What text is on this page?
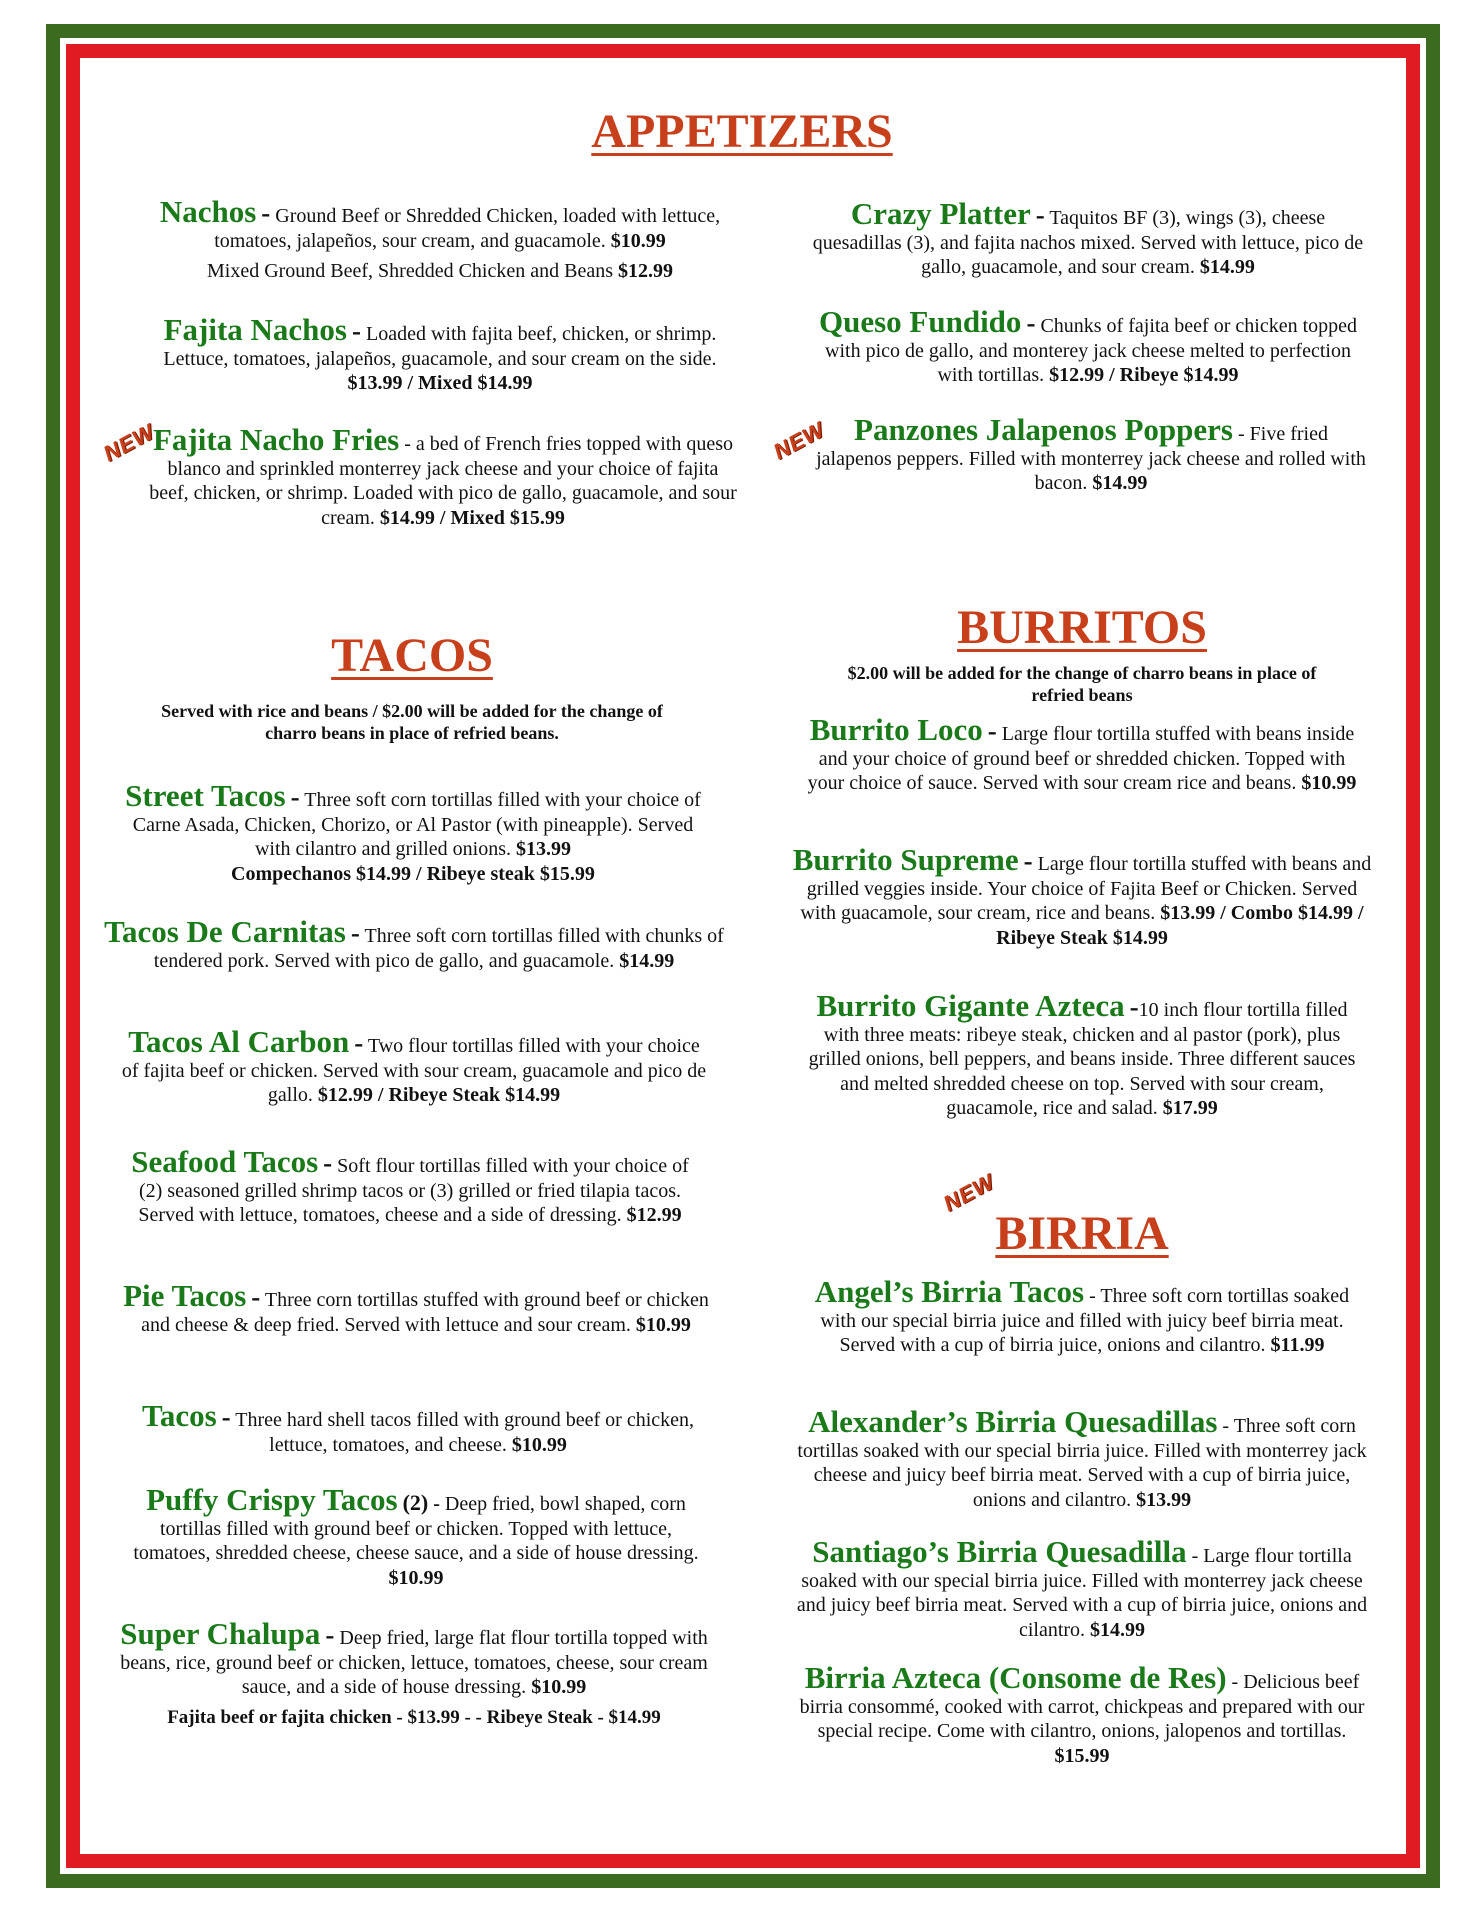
APPETIZERS
Nachos - Ground Beef or Shredded Chicken, loaded with lettuce, tomatoes, jalapeños, sour cream, and guacamole. $10.99
Mixed Ground Beef, Shredded Chicken and Beans $12.99
Fajita Nachos - Loaded with fajita beef, chicken, or shrimp. Lettuce, tomatoes, jalapeños, guacamole, and sour cream on the side. $13.99 / Mixed $14.99
NEW
Fajita Nacho Fries - a bed of French fries topped with queso blanco and sprinkled monterrey jack cheese and your choice of fajita beef, chicken, or shrimp. Loaded with pico de gallo, guacamole, and sour cream. $14.99 / Mixed $15.99
Crazy Platter - Taquitos BF (3), wings (3), cheese quesadillas (3), and fajita nachos mixed. Served with lettuce, pico de gallo, guacamole, and sour cream. $14.99
Queso Fundido - Chunks of fajita beef or chicken topped with pico de gallo, and monterey jack cheese melted to perfection with tortillas. $12.99 / Ribeye $14.99
NEW Panzones Jalapenos Poppers - Five fried jalapenos peppers. Filled with monterrey jack cheese and rolled with bacon. $14.99
TACOS
Served with rice and beans / $2.00 will be added for the change of charro beans in place of refried beans.
Street Tacos - Three soft corn tortillas filled with your choice of Carne Asada, Chicken, Chorizo, or Al Pastor (with pineapple). Served with cilantro and grilled onions. $13.99
Compechanos $14.99 / Ribeye steak $15.99
Tacos De Carnitas - Three soft corn tortillas filled with chunks of tendered pork. Served with pico de gallo, and guacamole. $14.99
Tacos Al Carbon - Two flour tortillas filled with your choice of fajita beef or chicken. Served with sour cream, guacamole and pico de gallo. $12.99 / Ribeye Steak $14.99
Seafood Tacos - Soft flour tortillas filled with your choice of (2) seasoned grilled shrimp tacos or (3) grilled or fried tilapia tacos. Served with lettuce, tomatoes, cheese and a side of dressing. $12.99
Pie Tacos - Three corn tortillas stuffed with ground beef or chicken and cheese & deep fried. Served with lettuce and sour cream. $10.99
Tacos - Three hard shell tacos filled with ground beef or chicken, lettuce, tomatoes, and cheese. $10.99
Puffy Crispy Tacos (2) - Deep fried, bowl shaped, corn tortillas filled with ground beef or chicken. Topped with lettuce, tomatoes, shredded cheese, cheese sauce, and a side of house dressing. $10.99
Super Chalupa - Deep fried, large flat flour tortilla topped with beans, rice, ground beef or chicken, lettuce, tomatoes, cheese, sour cream sauce, and a side of house dressing. $10.99
Fajita beef or fajita chicken - $13.99 - - Ribeye Steak - $14.99
BURRITOS
$2.00 will be added for the change of charro beans in place of refried beans
Burrito Loco - Large flour tortilla stuffed with beans inside and your choice of ground beef or shredded chicken. Topped with your choice of sauce. Served with sour cream rice and beans. $10.99
Burrito Supreme - Large flour tortilla stuffed with beans and grilled veggies inside. Your choice of Fajita Beef or Chicken. Served with guacamole, sour cream, rice and beans. $13.99 / Combo $14.99 / Ribeye Steak $14.99
Burrito Gigante Azteca -10 inch flour tortilla filled with three meats: ribeye steak, chicken and al pastor (pork), plus grilled onions, bell peppers, and beans inside. Three different sauces and melted shredded cheese on top. Served with sour cream, guacamole, rice and salad. $17.99
NEW
BIRRIA
Angel’s Birria Tacos - Three soft corn tortillas soaked with our special birria juice and filled with juicy beef birria meat. Served with a cup of birria juice, onions and cilantro. $11.99
Alexander’s Birria Quesadillas - Three soft corn tortillas soaked with our special birria juice. Filled with monterrey jack cheese and juicy beef birria meat. Served with a cup of birria juice, onions and cilantro. $13.99
Santiago’s Birria Quesadilla - Large flour tortilla soaked with our special birria juice. Filled with monterrey jack cheese and juicy beef birria meat. Served with a cup of birria juice, onions and cilantro. $14.99
Birria Azteca (Consome de Res) - Delicious beef birria consommé, cooked with carrot, chickpeas and prepared with our special recipe. Come with cilantro, onions, jalopenos and tortillas. $15.99
